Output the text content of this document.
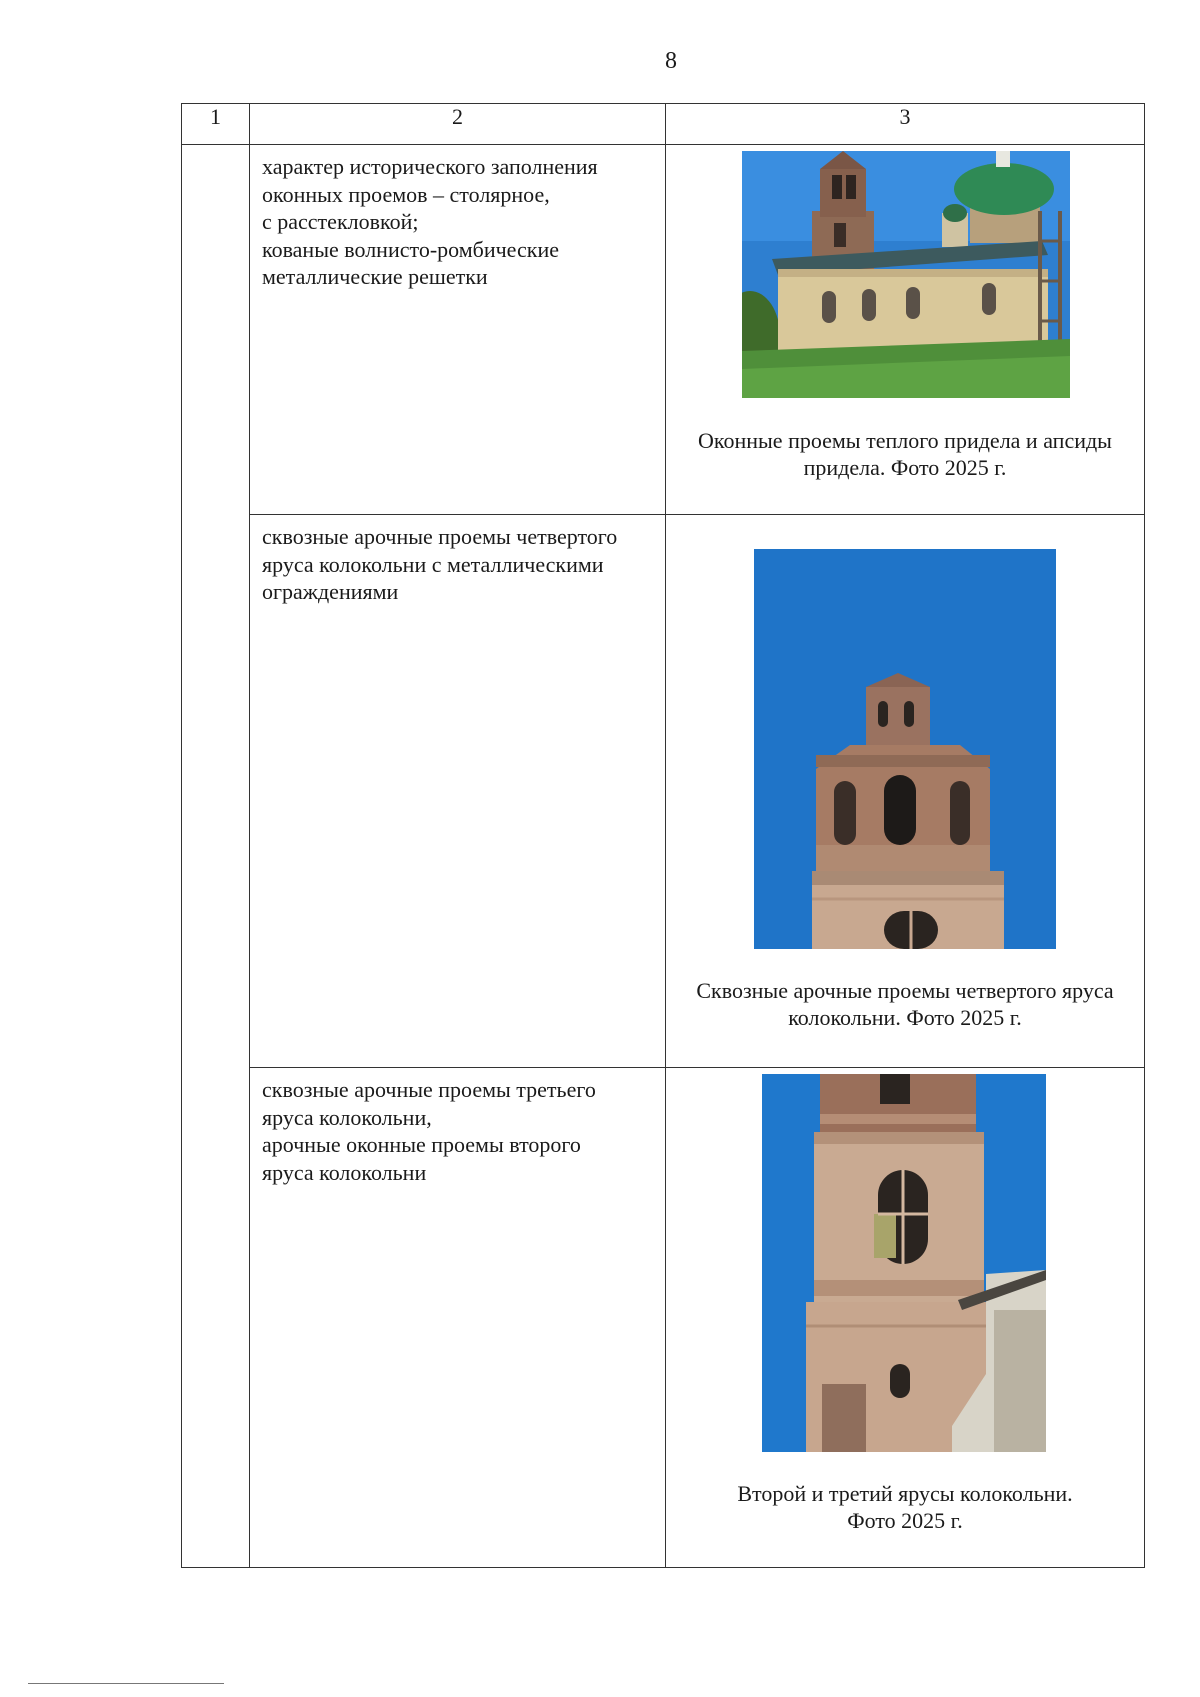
8
1	2	3

	характер исторического заполнения
оконных проемов – столярное,
с расстекловкой;
кованые волнисто-ромбические
металлические решетки	Оконные проемы теплого придела и апсиды
придела. Фото 2025 г.

	сквозные арочные проемы четвертого
яруса колокольни с металлическими
ограждениями	Сквозные арочные проемы четвертого яруса
колокольни. Фото 2025 г.

	сквозные арочные проемы третьего
яруса колокольни,
арочные оконные проемы второго
яруса колокольни	Второй и третий ярусы колокольни.
Фото 2025 г.
